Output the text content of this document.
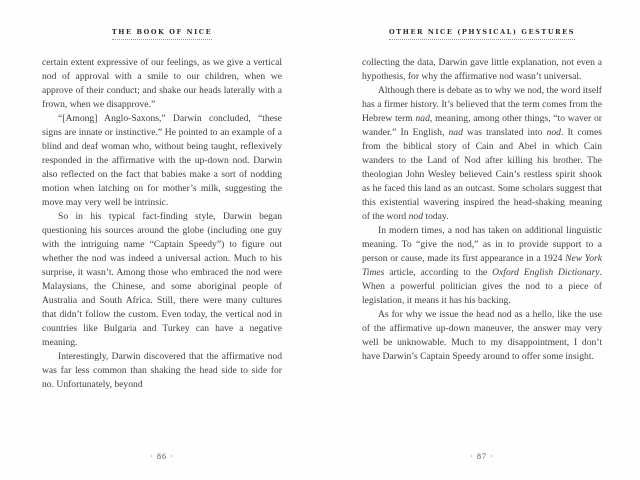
THE BOOK OF NICE

certain extent expressive of our feelings, as we give a vertical nod of approval with a smile to our children, when we approve of their conduct; and shake our heads laterally with a frown, when we disapprove.”

“[Among] Anglo-Saxons,” Darwin concluded, “these signs are innate or instinctive.” He pointed to an example of a blind and deaf woman who, without being taught, reflexively responded in the affirmative with the up-down nod. Darwin also reflected on the fact that babies make a sort of nodding motion when latching on for mother’s milk, suggesting the move may very well be intrinsic.

So in his typical fact-finding style, Darwin began questioning his sources around the globe (including one guy with the intriguing name “Captain Speedy”) to figure out whether the nod was indeed a universal action. Much to his surprise, it wasn’t. Among those who embraced the nod were Malaysians, the Chinese, and some aboriginal people of Australia and South Africa. Still, there were many cultures that didn’t follow the custom. Even today, the vertical nod in countries like Bulgaria and Turkey can have a negative meaning.

Interestingly, Darwin discovered that the affirmative nod was far less common than shaking the head side to side for no. Unfortunately, beyond

· 86 ·
OTHER NICE (PHYSICAL) GESTURES

collecting the data, Darwin gave little explanation, not even a hypothesis, for why the affirmative nod wasn’t universal.

Although there is debate as to why we nod, the word itself has a firmer history. It’s believed that the term comes from the Hebrew term nad, meaning, among other things, “to waver or wander.” In English, nad was translated into nod. It comes from the biblical story of Cain and Abel in which Cain wanders to the Land of Nod after killing his brother. The theologian John Wesley believed Cain’s restless spirit shook as he faced this land as an outcast. Some scholars suggest that this existential wavering inspired the head-shaking meaning of the word nod today.

In modern times, a nod has taken on additional linguistic meaning. To “give the nod,” as in to provide support to a person or cause, made its first appearance in a 1924 New York Times article, according to the Oxford English Dictionary. When a powerful politician gives the nod to a piece of legislation, it means it has his backing.

As for why we issue the head nod as a hello, like the use of the affirmative up-down maneuver, the answer may very well be unknowable. Much to my disappointment, I don’t have Darwin’s Captain Speedy around to offer some insight.

· 87 ·
